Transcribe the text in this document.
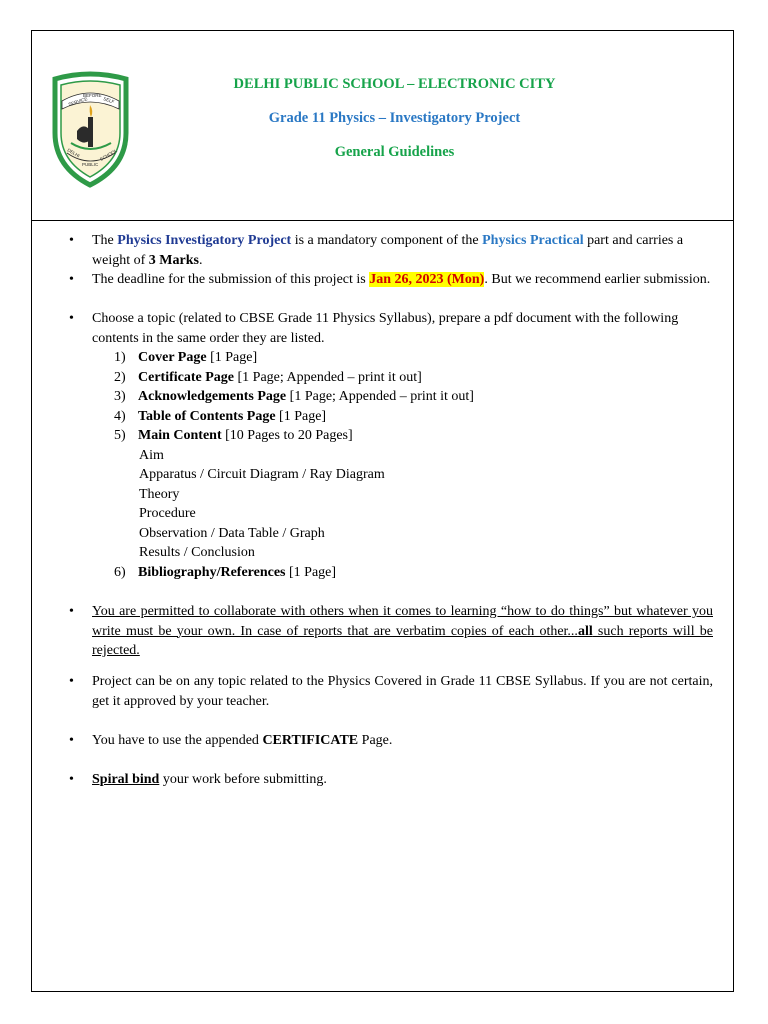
SERVICE
BEFORE
SELF
DELHI
PUBLIC
SCHOOL
DELHI PUBLIC SCHOOL – ELECTRONIC CITY
Grade 11 Physics – Investigatory Project
General Guidelines
•
The Physics Investigatory Project is a mandatory component of the Physics Practical part and carries a weight of 3 Marks.
•
The deadline for the submission of this project is Jan 26, 2023 (Mon). But we recommend earlier submission.
•
Choose a topic (related to CBSE Grade 11 Physics Syllabus), prepare a pdf document with the following contents in the same order they are listed.
1) Cover Page [1 Page]
2) Certificate Page [1 Page; Appended – print it out]
3) Acknowledgements Page [1 Page; Appended – print it out]
4) Table of Contents Page [1 Page]
5) Main Content [10 Pages to 20 Pages]
Aim
Apparatus / Circuit Diagram / Ray Diagram
Theory
Procedure
Observation / Data Table / Graph
Results / Conclusion
6) Bibliography/References [1 Page]
•
You are permitted to collaborate with others when it comes to learning “how to do things” but whatever you write must be your own. In case of reports that are verbatim copies of each other...all such reports will be rejected.
•
Project can be on any topic related to the Physics Covered in Grade 11 CBSE Syllabus. If you are not certain, get it approved by your teacher.
•
You have to use the appended CERTIFICATE Page.
•
Spiral bind your work before submitting.
